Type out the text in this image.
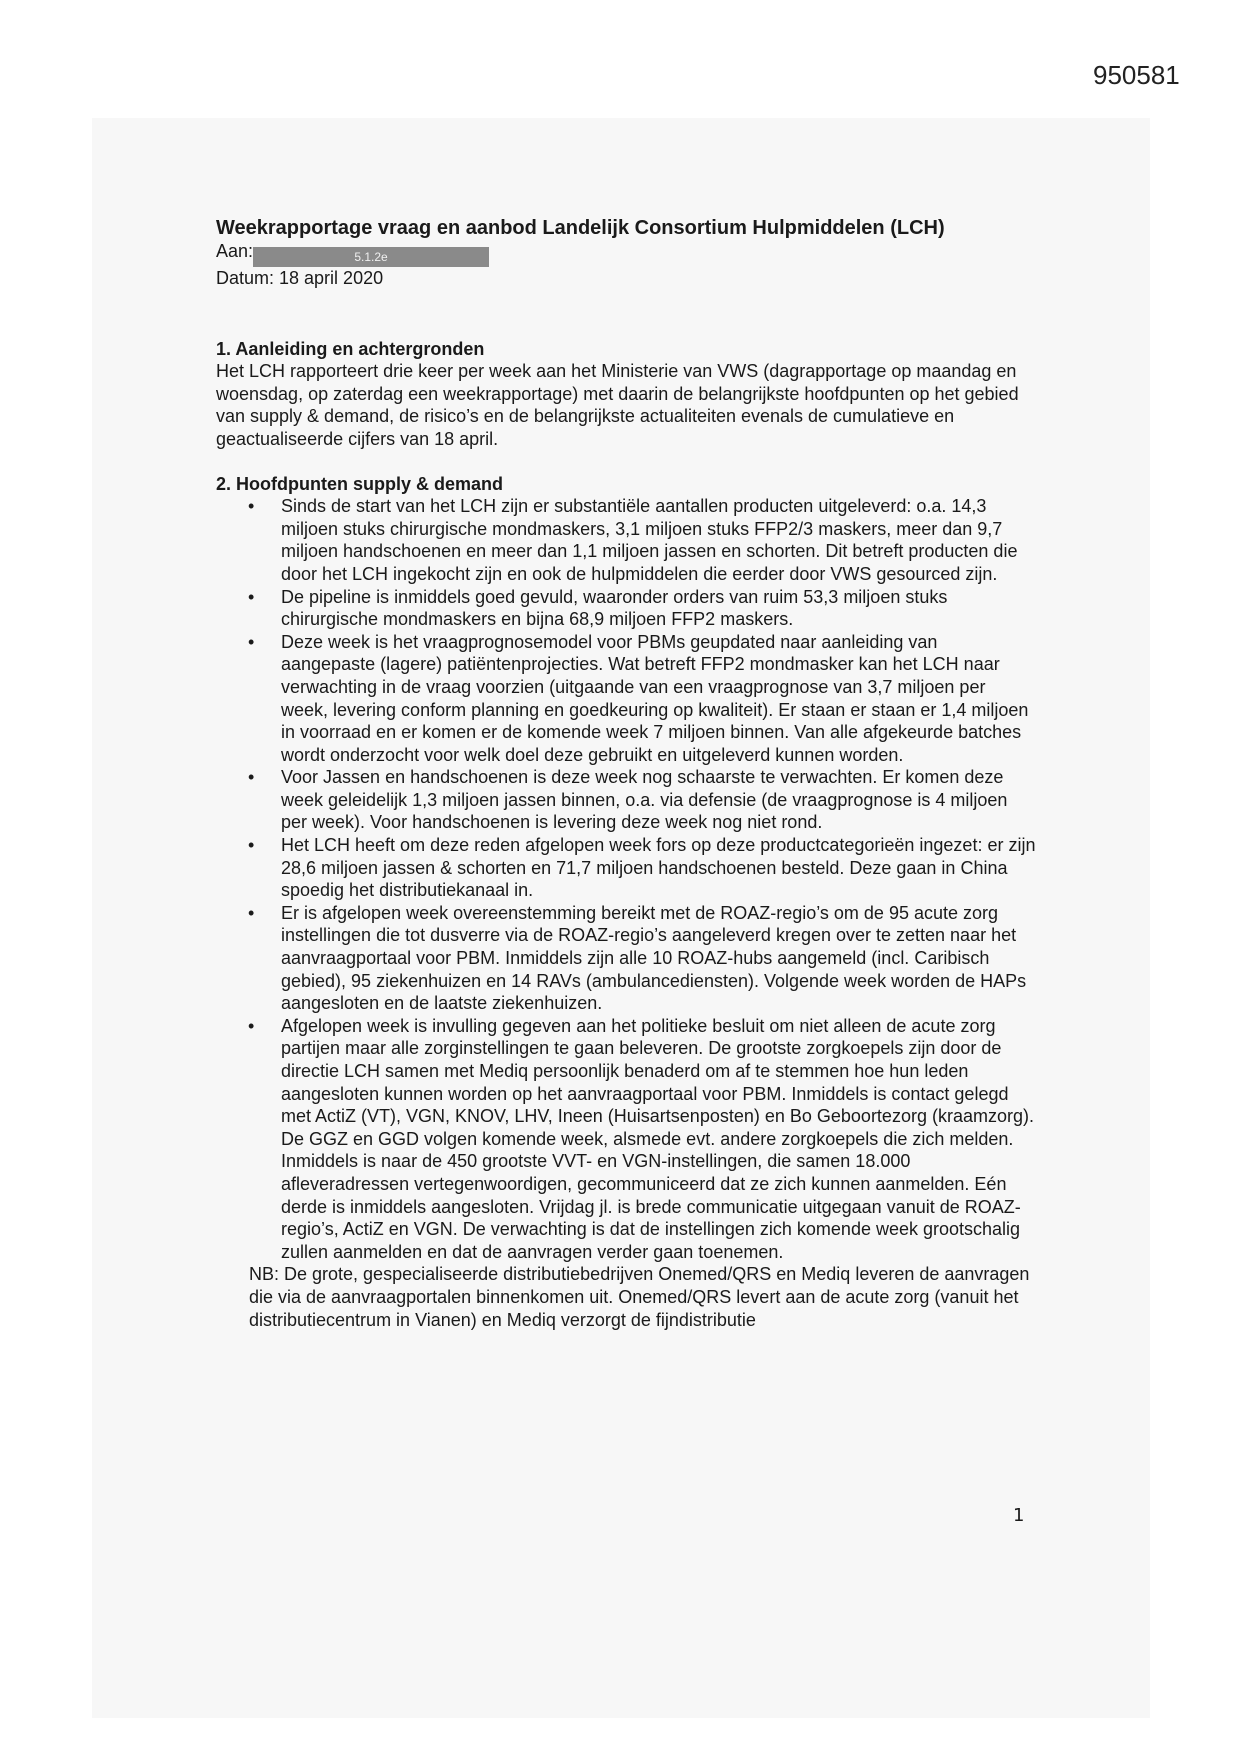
950581

Weekrapportage vraag en aanbod Landelijk Consortium Hulpmiddelen (LCH)

Aan:	5.1.2e

Datum: 18 april 2020

1. Aanleiding en achtergronden

Het LCH rapporteert drie keer per week aan het Ministerie van VWS (dagrapportage op maandag en woensdag, op zaterdag een weekrapportage) met daarin de belangrijkste hoofdpunten op het gebied van supply & demand, de risico’s en de belangrijkste actualiteiten evenals de cumulatieve en geactualiseerde cijfers van 18 april.

2. Hoofdpunten supply & demand

• Sinds de start van het LCH zijn er substantiële aantallen producten uitgeleverd: o.a. 14,3 miljoen stuks chirurgische mondmaskers, 3,1 miljoen stuks FFP2/3 maskers, meer dan 9,7 miljoen handschoenen en meer dan 1,1 miljoen jassen en schorten. Dit betreft producten die door het LCH ingekocht zijn en ook de hulpmiddelen die eerder door VWS gesourced zijn.
• De pipeline is inmiddels goed gevuld, waaronder orders van ruim 53,3 miljoen stuks chirurgische mondmaskers en bijna 68,9 miljoen FFP2 maskers.
• Deze week is het vraagprognosemodel voor PBMs geupdated naar aanleiding van aangepaste (lagere) patiëntenprojecties. Wat betreft FFP2 mondmasker kan het LCH naar verwachting in de vraag voorzien (uitgaande van een vraagprognose van 3,7 miljoen per week, levering conform planning en goedkeuring op kwaliteit). Er staan er staan er 1,4 miljoen in voorraad en er komen er de komende week 7 miljoen binnen. Van alle afgekeurde batches wordt onderzocht voor welk doel deze gebruikt en uitgeleverd kunnen worden.
• Voor Jassen en handschoenen is deze week nog schaarste te verwachten. Er komen deze week geleidelijk 1,3 miljoen jassen binnen, o.a. via defensie (de vraagprognose is 4 miljoen per week). Voor handschoenen is levering deze week nog niet rond.
• Het LCH heeft om deze reden afgelopen week fors op deze productcategorieën ingezet: er zijn 28,6 miljoen jassen & schorten en 71,7 miljoen handschoenen besteld. Deze gaan in China spoedig het distributiekanaal in.
• Er is afgelopen week overeenstemming bereikt met de ROAZ-regio’s om de 95 acute zorg instellingen die tot dusverre via de ROAZ-regio’s aangeleverd kregen over te zetten naar het aanvraagportaal voor PBM. Inmiddels zijn alle 10 ROAZ-hubs aangemeld (incl. Caribisch gebied), 95 ziekenhuizen en 14 RAVs (ambulancediensten). Volgende week worden de HAPs aangesloten en de laatste ziekenhuizen.
• Afgelopen week is invulling gegeven aan het politieke besluit om niet alleen de acute zorg partijen maar alle zorginstellingen te gaan beleveren. De grootste zorgkoepels zijn door de directie LCH samen met Mediq persoonlijk benaderd om af te stemmen hoe hun leden aangesloten kunnen worden op het aanvraagportaal voor PBM. Inmiddels is contact gelegd met ActiZ (VT), VGN, KNOV, LHV, Ineen (Huisartsenposten) en Bo Geboortezorg (kraamzorg). De GGZ en GGD volgen komende week, alsmede evt. andere zorgkoepels die zich melden. Inmiddels is naar de 450 grootste VVT- en VGN-instellingen, die samen 18.000 afleveradressen vertegenwoordigen, gecommuniceerd dat ze zich kunnen aanmelden. Eén derde is inmiddels aangesloten. Vrijdag jl. is brede communicatie uitgegaan vanuit de ROAZ-regio’s, ActiZ en VGN. De verwachting is dat de instellingen zich komende week grootschalig zullen aanmelden en dat de aanvragen verder gaan toenemen.

NB: De grote, gespecialiseerde distributiebedrijven Onemed/QRS en Mediq leveren de aanvragen die via de aanvraagportalen binnenkomen uit. Onemed/QRS levert aan de acute zorg (vanuit het distributiecentrum in Vianen) en Mediq verzorgt de fijndistributie

1
